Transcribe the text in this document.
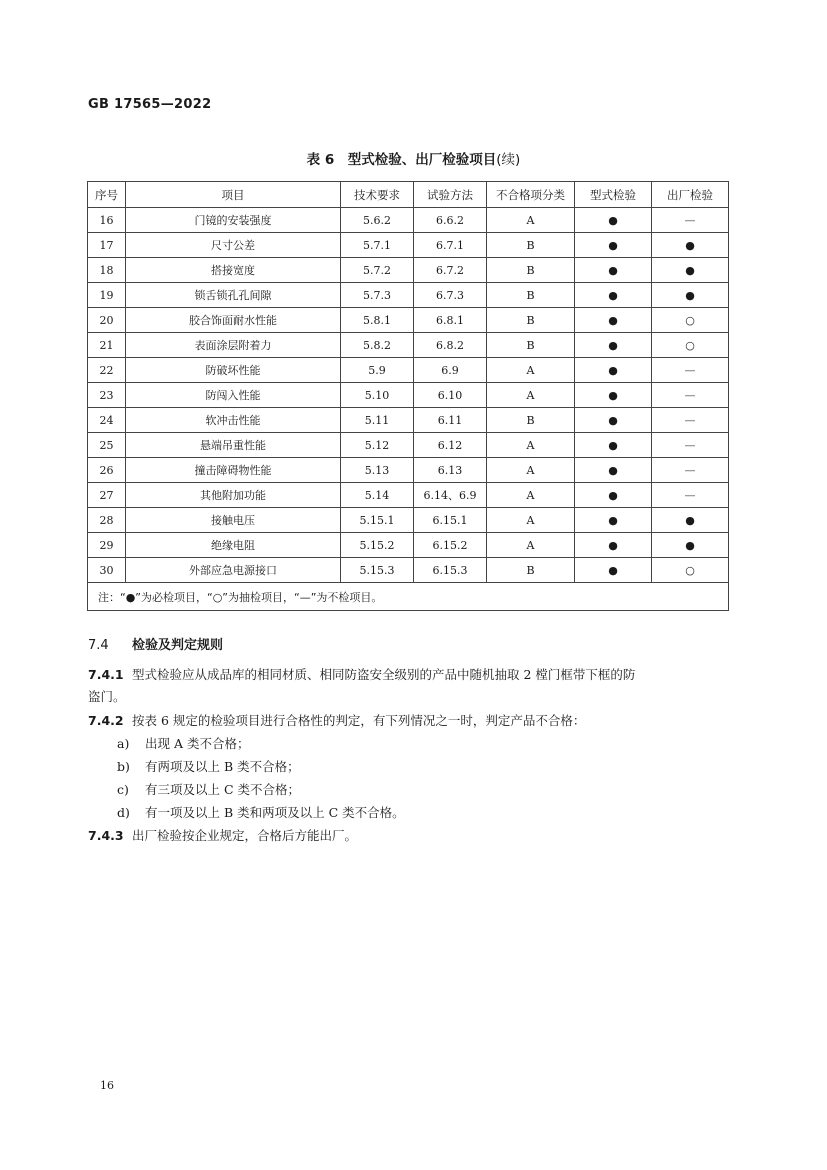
GB 17565—2022
表 6　型式检验、出厂检验项目(续)
序号	项目	技术要求	试验方法	不合格项分类	型式检验	出厂检验
16	门镜的安装强度	5.6.2	6.6.2	A	●	—
17	尺寸公差	5.7.1	6.7.1	B	●	●
18	搭接宽度	5.7.2	6.7.2	B	●	●
19	锁舌锁孔孔间隙	5.7.3	6.7.3	B	●	●
20	胶合饰面耐水性能	5.8.1	6.8.1	B	●	○
21	表面涂层附着力	5.8.2	6.8.2	B	●	○
22	防破坏性能	5.9	6.9	A	●	—
23	防闯入性能	5.10	6.10	A	●	—
24	软冲击性能	5.11	6.11	B	●	—
25	悬端吊重性能	5.12	6.12	A	●	—
26	撞击障碍物性能	5.13	6.13	A	●	—
27	其他附加功能	5.14	6.14、6.9	A	●	—
28	接触电压	5.15.1	6.15.1	A	●	●
29	绝缘电阻	5.15.2	6.15.2	A	●	●
30	外部应急电源接口	5.15.3	6.15.3	B	●	○
注：“●”为必检项目，“○”为抽检项目，“—”为不检项目。						
7.4 检验及判定规则
7.4.1 型式检验应从成品库的相同材质、相同防盗安全级别的产品中随机抽取 2 樘门框带下框的防
盗门。
7.4.2 按表 6 规定的检验项目进行合格性的判定，有下列情况之一时，判定产品不合格：
a) 出现 A 类不合格；
b) 有两项及以上 B 类不合格；
c) 有三项及以上 C 类不合格；
d) 有一项及以上 B 类和两项及以上 C 类不合格。
7.4.3 出厂检验按企业规定，合格后方能出厂。
16
